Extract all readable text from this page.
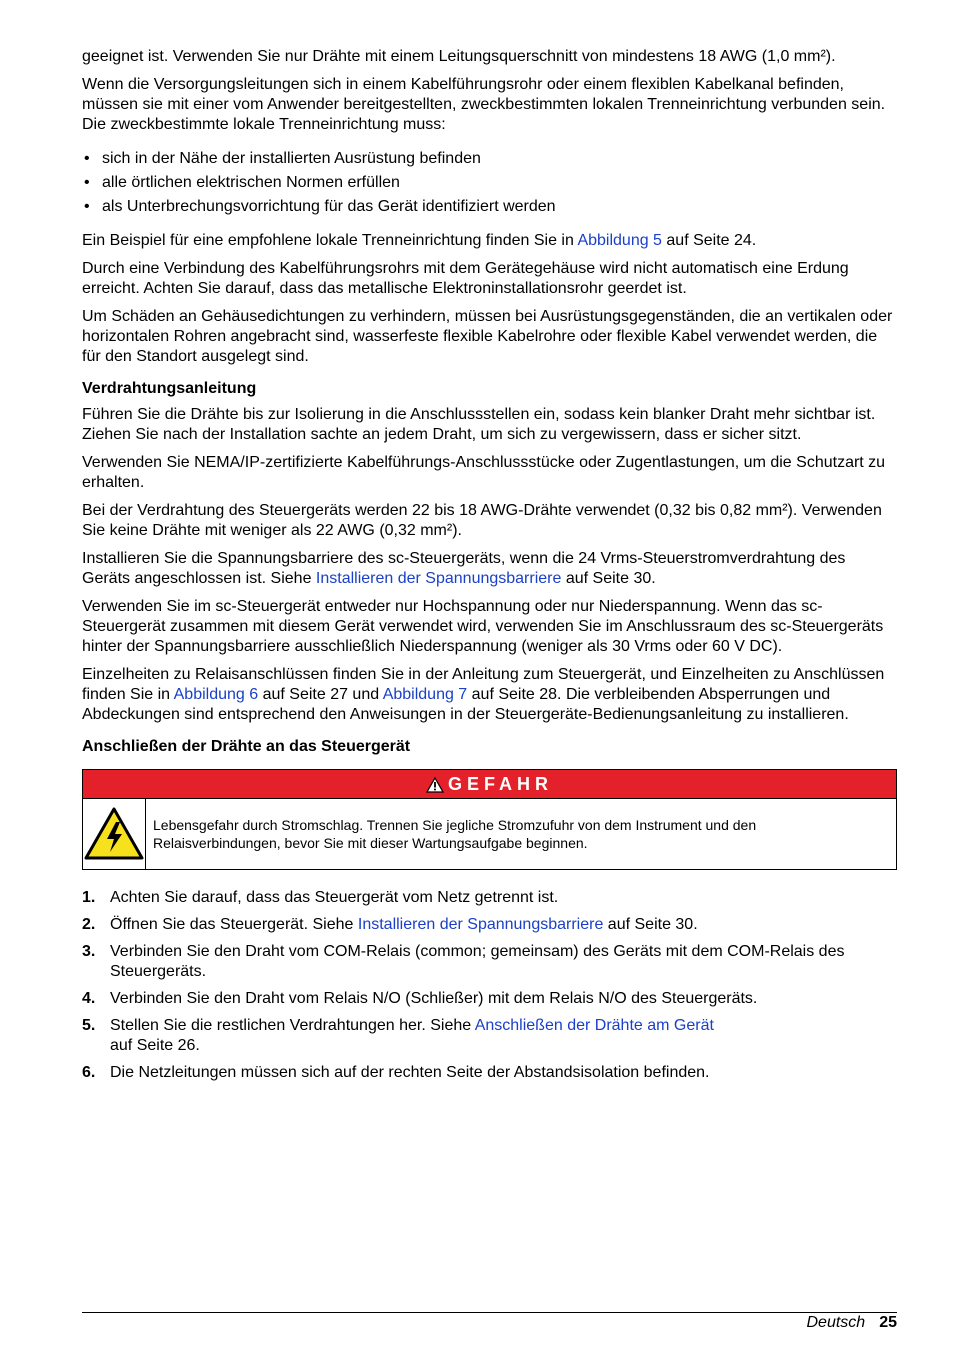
geeignet ist. Verwenden Sie nur Drähte mit einem Leitungsquerschnitt von mindestens 18 AWG (1,0 mm²).

Wenn die Versorgungsleitungen sich in einem Kabelführungsrohr oder einem flexiblen Kabelkanal befinden, müssen sie mit einer vom Anwender bereitgestellten, zweckbestimmten lokalen Trenneinrichtung verbunden sein. Die zweckbestimmte lokale Trenneinrichtung muss:

• sich in der Nähe der installierten Ausrüstung befinden
• alle örtlichen elektrischen Normen erfüllen
• als Unterbrechungsvorrichtung für das Gerät identifiziert werden

Ein Beispiel für eine empfohlene lokale Trenneinrichtung finden Sie in Abbildung 5 auf Seite 24.

Durch eine Verbindung des Kabelführungsrohrs mit dem Gerätegehäuse wird nicht automatisch eine Erdung erreicht. Achten Sie darauf, dass das metallische Elektroninstallationsrohr geerdet ist.

Um Schäden an Gehäusedichtungen zu verhindern, müssen bei Ausrüstungsgegenständen, die an vertikalen oder horizontalen Rohren angebracht sind, wasserfeste flexible Kabelrohre oder flexible Kabel verwendet werden, die für den Standort ausgelegt sind.

Verdrahtungsanleitung

Führen Sie die Drähte bis zur Isolierung in die Anschlussstellen ein, sodass kein blanker Draht mehr sichtbar ist. Ziehen Sie nach der Installation sachte an jedem Draht, um sich zu vergewissern, dass er sicher sitzt.

Verwenden Sie NEMA/IP-zertifizierte Kabelführungs-Anschlussstücke oder Zugentlastungen, um die Schutzart zu erhalten.

Bei der Verdrahtung des Steuergeräts werden 22 bis 18 AWG-Drähte verwendet (0,32 bis 0,82 mm²). Verwenden Sie keine Drähte mit weniger als 22 AWG (0,32 mm²).

Installieren Sie die Spannungsbarriere des sc-Steuergeräts, wenn die 24 Vrms-Steuerstromverdrahtung des Geräts angeschlossen ist. Siehe Installieren der Spannungsbarriere auf Seite 30.

Verwenden Sie im sc-Steuergerät entweder nur Hochspannung oder nur Niederspannung. Wenn das sc-Steuergerät zusammen mit diesem Gerät verwendet wird, verwenden Sie im Anschlussraum des sc-Steuergeräts hinter der Spannungsbarriere ausschließlich Niederspannung (weniger als 30 Vrms oder 60 V DC).

Einzelheiten zu Relaisanschlüssen finden Sie in der Anleitung zum Steuergerät, und Einzelheiten zu Anschlüssen finden Sie in Abbildung 6 auf Seite 27 und Abbildung 7 auf Seite 28. Die verbleibenden Absperrungen und Abdeckungen sind entsprechend den Anweisungen in der Steuergeräte-Bedienungsanleitung zu installieren.

Anschließen der Drähte an das Steuergerät
GEFAHR
Lebensgefahr durch Stromschlag. Trennen Sie jegliche Stromzufuhr von dem Instrument und den Relaisverbindungen, bevor Sie mit dieser Wartungsaufgabe beginnen.
1. Achten Sie darauf, dass das Steuergerät vom Netz getrennt ist.
2. Öffnen Sie das Steuergerät. Siehe Installieren der Spannungsbarriere auf Seite 30.
3. Verbinden Sie den Draht vom COM-Relais (common; gemeinsam) des Geräts mit dem COM-Relais des Steuergeräts.
4. Verbinden Sie den Draht vom Relais N/O (Schließer) mit dem Relais N/O des Steuergeräts.
5. Stellen Sie die restlichen Verdrahtungen her. Siehe Anschließen der Drähte am Gerät
auf Seite 26.
6. Die Netzleitungen müssen sich auf der rechten Seite der Abstandsisolation befinden.
Deutsch 25
